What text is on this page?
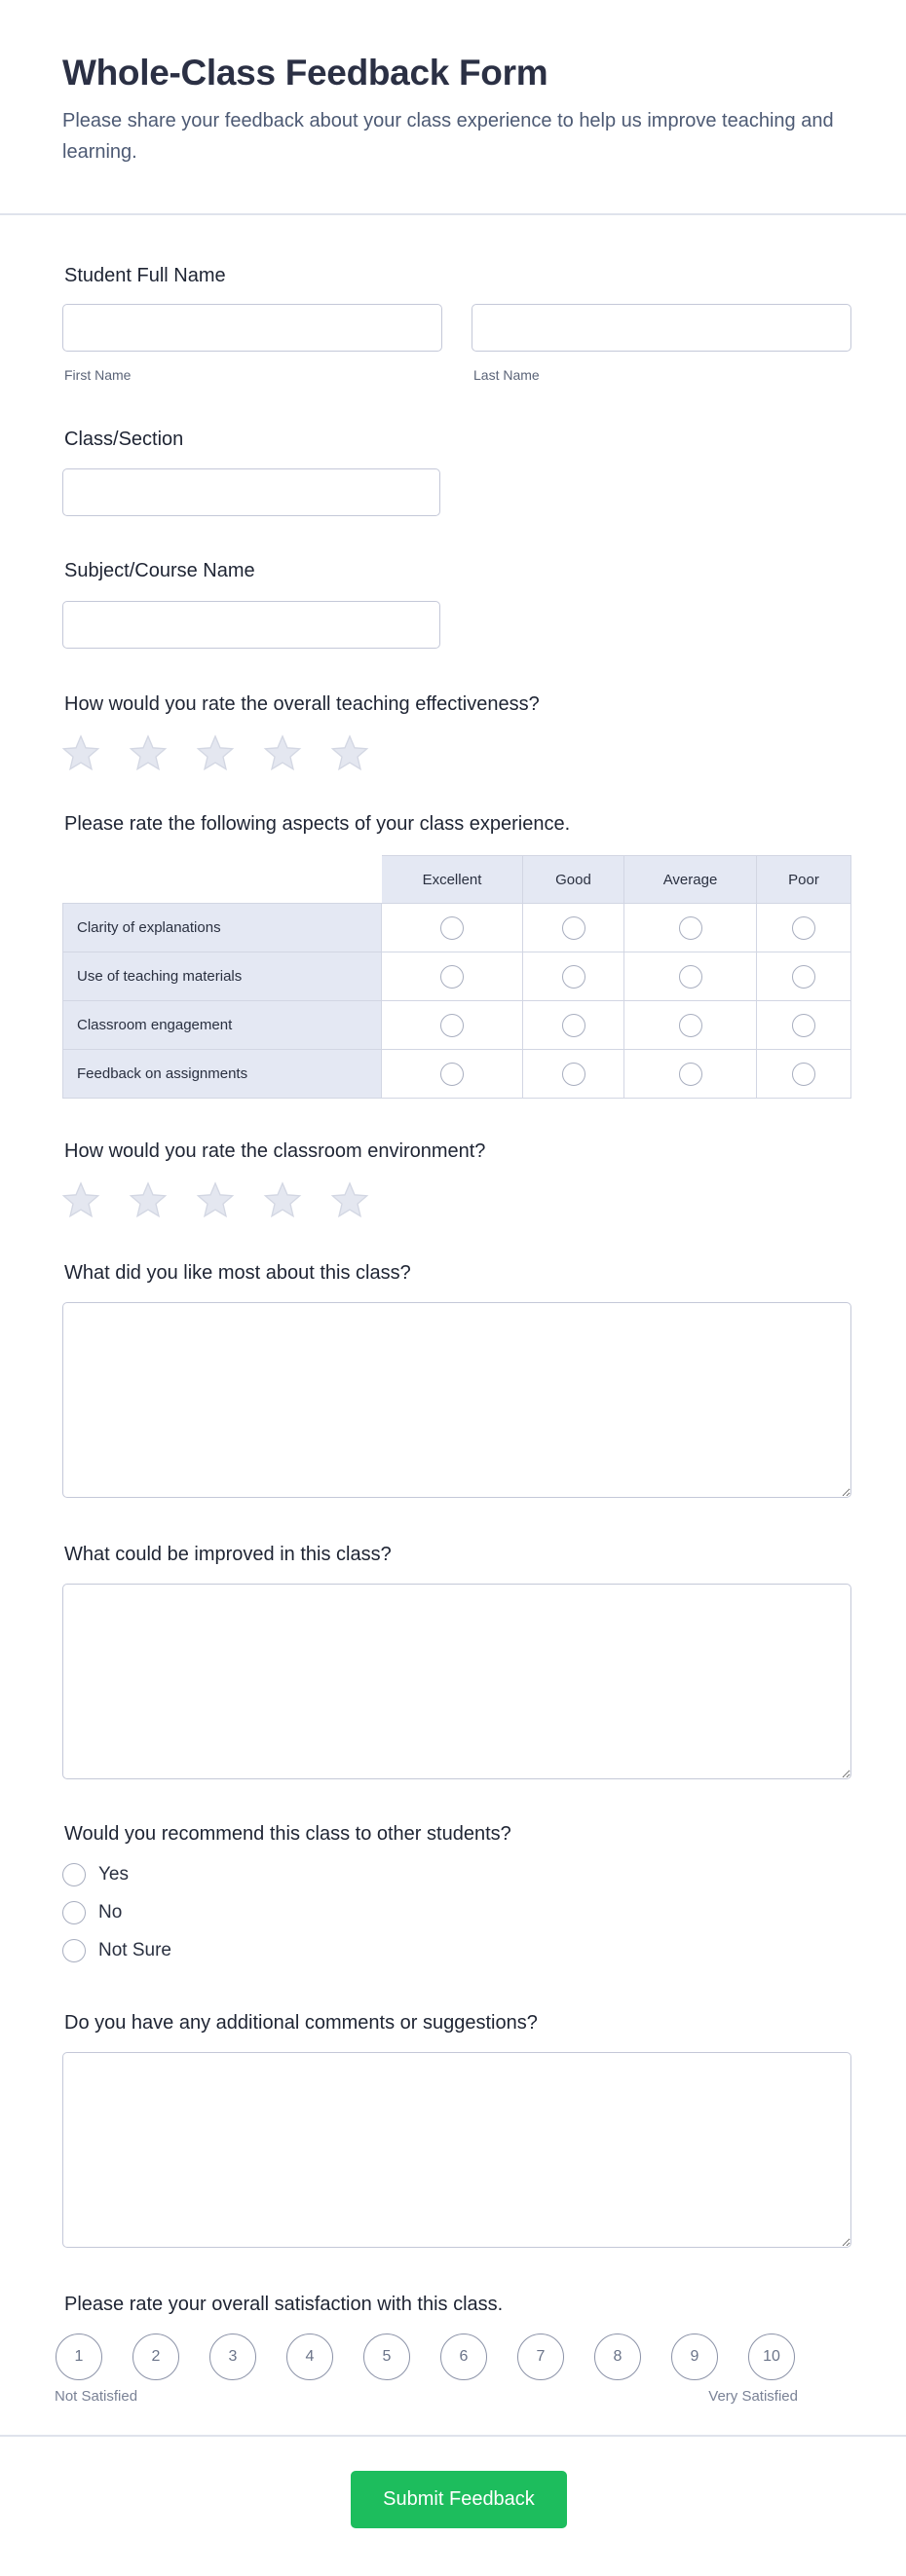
Whole-Class Feedback Form
Please share your feedback about your class experience to help us improve teaching and learning.
Student Full Name
First Name	Last Name
Class/Section
Subject/Course Name
How would you rate the overall teaching effectiveness?
Please rate the following aspects of your class experience.
	Excellent	Good	Average	Poor
Clarity of explanations				
Use of teaching materials				
Classroom engagement				
Feedback on assignments				
How would you rate the classroom environment?
What did you like most about this class?
What could be improved in this class?
Would you recommend this class to other students?
Yes
No
Not Sure
Do you have any additional comments or suggestions?
Please rate your overall satisfaction with this class.
1	2	3	4	5	6	7	8	9	10
Not Satisfied	Very Satisfied
Submit Feedback
